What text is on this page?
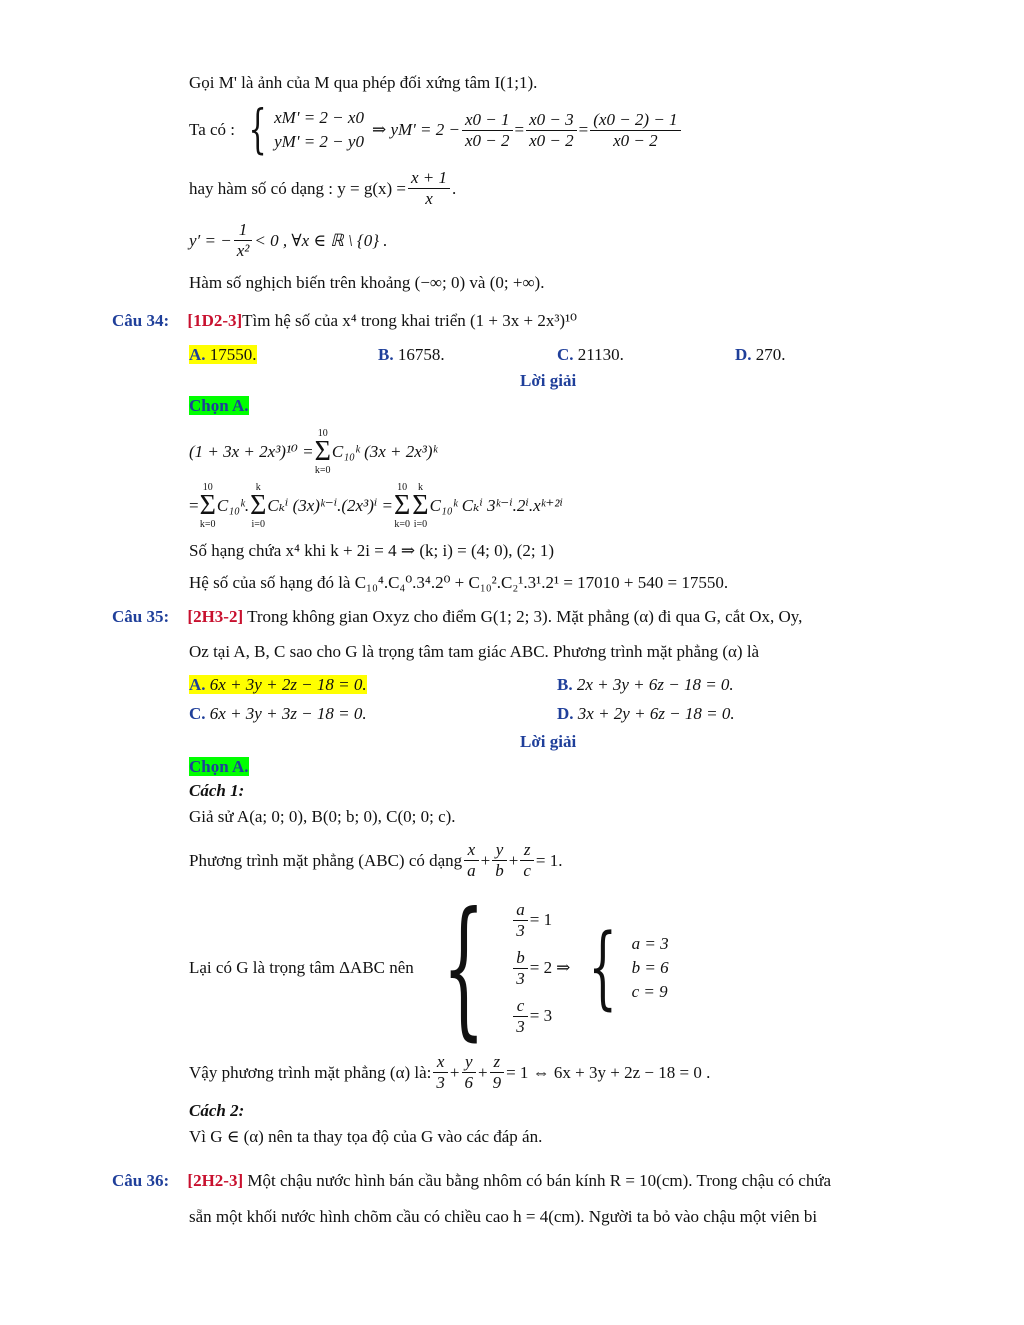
Gọi M' là ảnh của M qua phép đối xứng tâm I(1;1).
Ta có : { xM' = 2 − x0
yM' = 2 − y0
⇒ $yM' = 2 - \frac{x0 - 1}{x0 - 2} = \frac{x0 - 3}{x0 - 2} = \frac{(x0 - 2) - 1}{x0 - 2}$
hay hàm số có dạng : $y = g(x) = \frac{x + 1}{x}$ .
y′ = − $\frac{1}{\text{x²}} < 0$ , ∀x ∈ ℝ \ {0} .
Hàm số nghịch biến trên khoảng (−∞; 0) và (0; +∞).
Câu 34: [1D2-3]Tìm hệ số của x⁴ trong khai triển (1 + 3x + 2x³)¹⁰
A. 17550.	B. 16758.	C. 21130.	D. 270.
Lời giải
Chọn A.
(1 + 3x + 2x³)¹⁰ =
10
Σ
k=0
C₁₀ᵏ (3x + 2x³)ᵏ
=
10
Σ
k=0
C₁₀ᵏ.
k
Σ
i=0
Cₖⁱ (3x)ᵏ⁻ⁱ.(2x³)ⁱ =
10
Σ
k=0
k
Σ
i=0
C₁₀ᵏ Cₖⁱ 3ᵏ⁻ⁱ.2ⁱ.xᵏ⁺²ⁱ
Số hạng chứa x⁴ khi k + 2i = 4 ⇒ (k; i) = (4; 0), (2; 1)
Hệ số của số hạng đó là C₁₀⁴.C₄⁰.3⁴.2⁰ + C₁₀².C₂¹.3¹.2¹ = 17010 + 540 = 17550.
Câu 35: [2H3-2] Trong không gian Oxyz cho điểm G(1; 2; 3). Mặt phẳng (α) đi qua G, cắt Ox, Oy,
Oz tại A, B, C sao cho G là trọng tâm tam giác ABC. Phương trình mặt phẳng (α) là
A. 6x + 3y + 2z − 18 = 0.	B. 2x + 3y + 6z − 18 = 0.
C. 6x + 3y + 3z − 18 = 0.	D. 3x + 2y + 6z − 18 = 0.
Lời giải
Chọn A.
Cách 1:
Giả sử A(a; 0; 0), B(0; b; 0), C(0; 0; c).
Phương trình mặt phẳng (ABC) có dạng $\frac{x}{a} + \frac{y}{b} + \frac{z}{c} = 1$.
Lại có G là trọng tâm ΔABC nên { $\frac{a}{3} = 1$
$\frac{b}{3} = 2$
$\frac{c}{3} = 3$
⇒ { a = 3
b = 6
c = 9
Vậy phương trình mặt phẳng (α) là: $\frac{x}{3} + \frac{y}{6} + \frac{z}{9} = 1$ ⇔ 6x + 3y + 2z − 18 = 0 .
Cách 2:
Vì G ∈ (α) nên ta thay tọa độ của G vào các đáp án.
Câu 36: [2H2-3] Một chậu nước hình bán cầu bằng nhôm có bán kính R = 10(cm). Trong chậu có chứa
sẵn một khối nước hình chõm cầu có chiều cao h = 4(cm). Người ta bỏ vào chậu một viên bi
